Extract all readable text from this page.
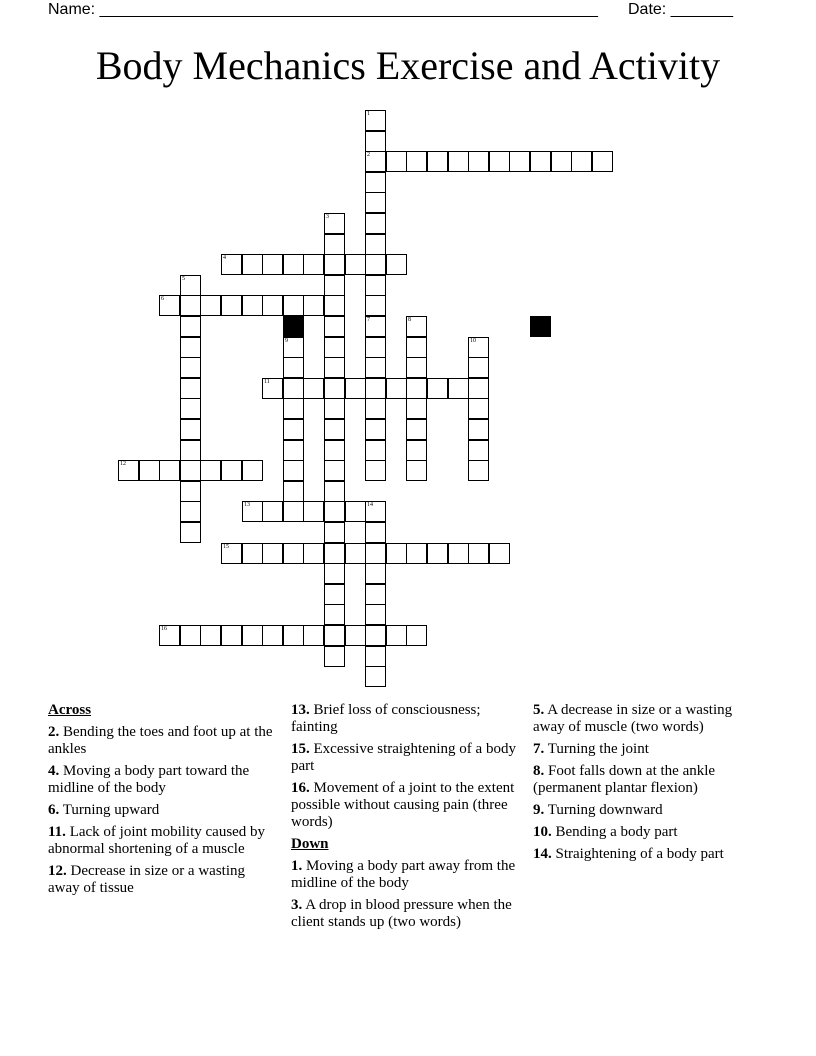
Name: ________________________________________________________ Date: _______
Body Mechanics Exercise and Activity
1
2
3
4
5
6
7	8
9	10
11
12
13	14
15
16
Across
2. Bending the toes and foot up at the ankles
4. Moving a body part toward the midline of the body
6. Turning upward
11. Lack of joint mobility caused by abnormal shortening of a muscle
12. Decrease in size or a wasting away of tissue
13. Brief loss of consciousness; fainting
15. Excessive straightening of a body part
16. Movement of a joint to the extent possible without causing pain (three words)
Down
1. Moving a body part away from the midline of the body
3. A drop in blood pressure when the client stands up (two words)
5. A decrease in size or a wasting away of muscle (two words)
7. Turning the joint
8. Foot falls down at the ankle (permanent plantar flexion)
9. Turning downward
10. Bending a body part
14. Straightening of a body part
